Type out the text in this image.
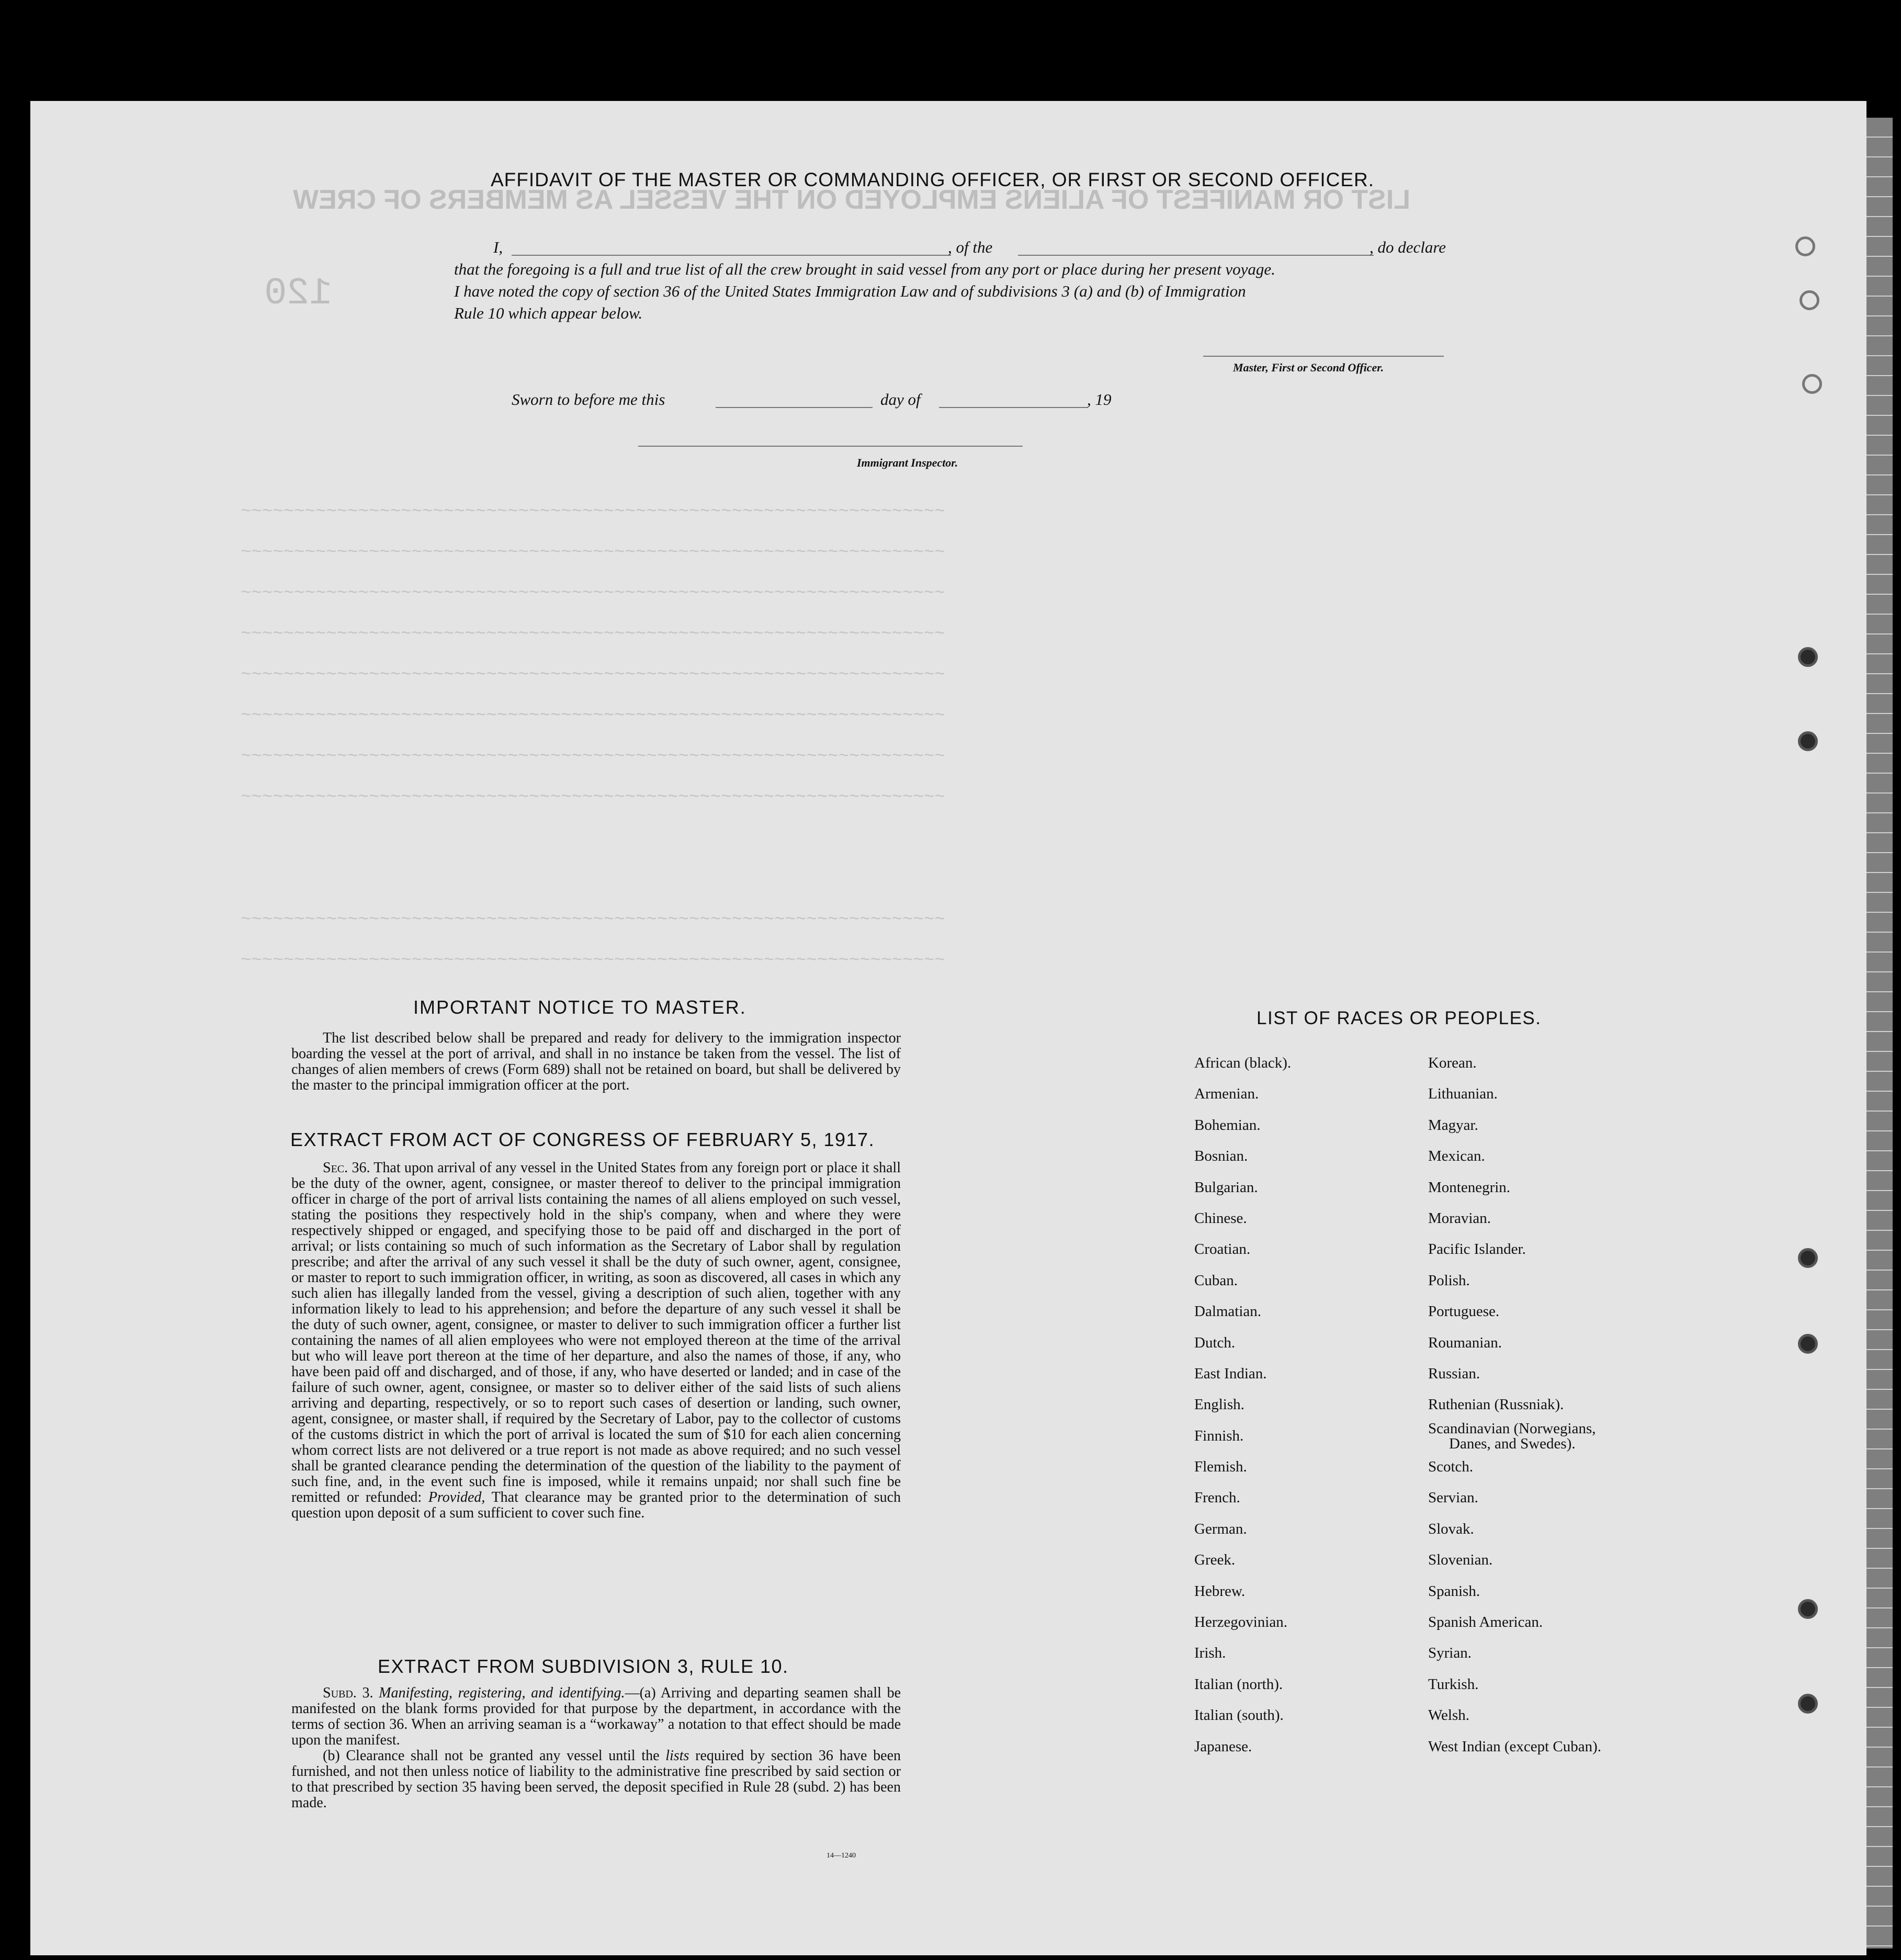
LIST OR MANIFEST OF ALIENS EMPLOYED ON THE VESSEL AS MEMBERS OF CREW
120
~~~~~~~~~~~~~~~~~~~~~~~~~~~~~~~~~~~~~~~~~~~~~~~~~~~~~~~~~~~~~~~~~~
~~~~~~~~~~~~~~~~~~~~~~~~~~~~~~~~~~~~~~~~~~~~~~~~~~~~~~~~~~~~~~~~~~
~~~~~~~~~~~~~~~~~~~~~~~~~~~~~~~~~~~~~~~~~~~~~~~~~~~~~~~~~~~~~~~~~~
~~~~~~~~~~~~~~~~~~~~~~~~~~~~~~~~~~~~~~~~~~~~~~~~~~~~~~~~~~~~~~~~~~
~~~~~~~~~~~~~~~~~~~~~~~~~~~~~~~~~~~~~~~~~~~~~~~~~~~~~~~~~~~~~~~~~~
~~~~~~~~~~~~~~~~~~~~~~~~~~~~~~~~~~~~~~~~~~~~~~~~~~~~~~~~~~~~~~~~~~
~~~~~~~~~~~~~~~~~~~~~~~~~~~~~~~~~~~~~~~~~~~~~~~~~~~~~~~~~~~~~~~~~~
~~~~~~~~~~~~~~~~~~~~~~~~~~~~~~~~~~~~~~~~~~~~~~~~~~~~~~~~~~~~~~~~~~

~~~~~~~~~~~~~~~~~~~~~~~~~~~~~~~~~~~~~~~~~~~~~~~~~~~~~~~~~~~~~~~~~~
~~~~~~~~~~~~~~~~~~~~~~~~~~~~~~~~~~~~~~~~~~~~~~~~~~~~~~~~~~~~~~~~~~
AFFIDAVIT OF THE MASTER OR COMMANDING OFFICER, OR FIRST OR SECOND OFFICER.
I,	, of the	, do declare
that the foregoing is a full and true list of all the crew brought in said vessel from any port or place during her present voyage.
I have noted the copy of section 36 of the United States Immigration Law and of subdivisions 3 (a) and (b) of Immigration
Rule 10 which appear below.
Master, First or Second Officer.
Sworn to before me this	day of	, 19
Immigrant Inspector.
IMPORTANT NOTICE TO MASTER.
The list described below shall be prepared and ready for delivery to the immigration inspector boarding the vessel at the port of arrival, and shall in no instance be taken from the vessel. The list of changes of alien members of crews (Form 689) shall not be retained on board, but shall be delivered by the master to the principal immigration officer at the port.
EXTRACT FROM ACT OF CONGRESS OF FEBRUARY 5, 1917.

Sec. 36. That upon arrival of any vessel in the United States from any foreign port or place it shall be the duty of the owner, agent, consignee, or master thereof to deliver to the principal immigration officer in charge of the port of arrival lists containing the names of all aliens employed on such vessel, stating the positions they respectively hold in the ship's company, when and where they were respectively shipped or engaged, and specifying those to be paid off and discharged in the port of arrival; or lists containing so much of such information as the Secretary of Labor shall by regulation prescribe; and after the arrival of any such vessel it shall be the duty of such owner, agent, consignee, or master to report to such immigration officer, in writing, as soon as discovered, all cases in which any such alien has illegally landed from the vessel, giving a description of such alien, together with any information likely to lead to his apprehension; and before the departure of any such vessel it shall be the duty of such owner, agent, consignee, or master to deliver to such immigration officer a further list containing the names of all alien employees who were not employed thereon at the time of the arrival but who will leave port thereon at the time of her departure, and also the names of those, if any, who have been paid off and discharged, and of those, if any, who have deserted or landed; and in case of the failure of such owner, agent, consignee, or master so to deliver either of the said lists of such aliens arriving and departing, respectively, or so to report such cases of desertion or landing, such owner, agent, consignee, or master shall, if required by the Secretary of Labor, pay to the collector of customs of the customs district in which the port of arrival is located the sum of $10 for each alien concerning whom correct lists are not delivered or a true report is not made as above required; and no such vessel shall be granted clearance pending the determination of the question of the liability to the payment of such fine, and, in the event such fine is imposed, while it remains unpaid; nor shall such fine be remitted or refunded: Provided, That clearance may be granted prior to the determination of such question upon deposit of a sum sufficient to cover such fine.

EXTRACT FROM SUBDIVISION 3, RULE 10.

Subd. 3. Manifesting, registering, and identifying.—(a) Arriving and departing seamen shall be manifested on the blank forms provided for that purpose by the department, in accordance with the terms of section 36. When an arriving seaman is a “workaway” a notation to that effect should be made upon the manifest.

(b) Clearance shall not be granted any vessel until the lists required by section 36 have been furnished, and not then unless notice of liability to the administrative fine prescribed by said section or to that prescribed by section 35 having been served, the deposit specified in Rule 28 (subd. 2) has been made.

14—1240
LIST OF RACES OR PEOPLES.
African (black).
Armenian.
Bohemian.
Bosnian.
Bulgarian.
Chinese.
Croatian.
Cuban.
Dalmatian.
Dutch.
East Indian.
English.
Finnish.
Flemish.
French.
German.
Greek.
Hebrew.
Herzegovinian.
Irish.
Italian (north).
Italian (south).
Japanese.
Korean.
Lithuanian.
Magyar.
Mexican.
Montenegrin.
Moravian.
Pacific Islander.
Polish.
Portuguese.
Roumanian.
Russian.
Ruthenian (Russniak).
Scandinavian (Norwegians,
Scotch.
Servian.
Slovak.
Slovenian.
Spanish.
Spanish American.
Syrian.
Turkish.
Welsh.
West Indian (except Cuban).
Danes, and Swedes).
